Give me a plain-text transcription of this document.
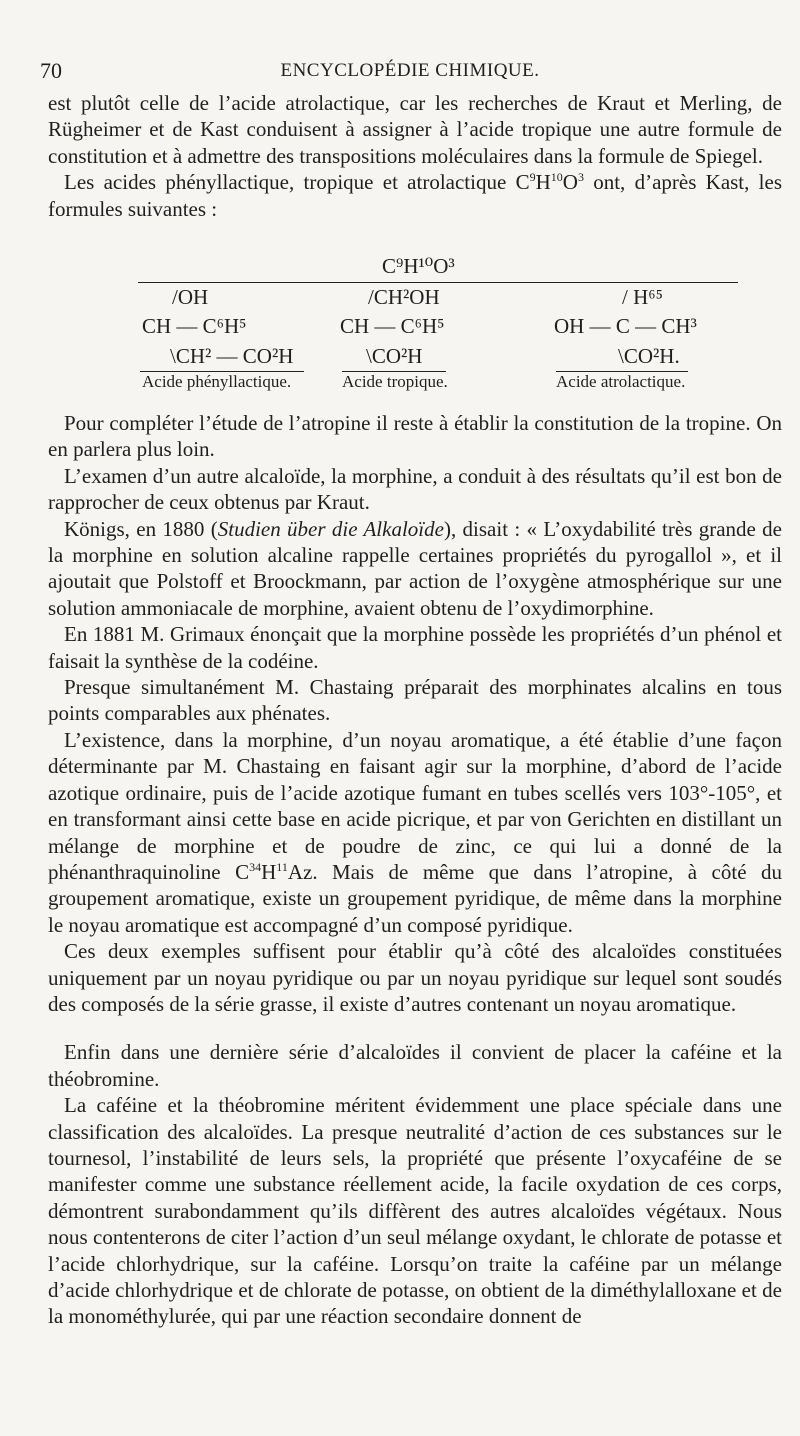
70	ENCYCLOPÉDIE CHIMIQUE.

est plutôt celle de l’acide atrolactique, car les recherches de Kraut et Merling, de Rügheimer et de Kast conduisent à assigner à l’acide tropique une autre formule de constitution et à admettre des transpositions moléculaires dans la formule de Spiegel.

Les acides phényllactique, tropique et atrolactique $C^9H^{10}O^3$ ont, d’après Kast, les formules suivantes :

C⁹H¹⁰O³
/OH
CH — C⁶H⁵
\CH² — CO²H
Acide phényllactique.
/CH²OH
CH — C⁶H⁵
\CO²H
Acide tropique.
/ H⁶⁵
OH — C — CH³
\CO²H.
Acide atrolactique.

Pour compléter l’étude de l’atropine il reste à établir la constitution de la tropine. On en parlera plus loin.

L’examen d’un autre alcaloïde, la morphine, a conduit à des résultats qu’il est bon de rapprocher de ceux obtenus par Kraut.

Königs, en 1880 (Studien über die Alkaloïde), disait : « L’oxydabilité très grande de la morphine en solution alcaline rappelle certaines propriétés du pyrogallol », et il ajoutait que Polstoff et Broockmann, par action de l’oxygène atmosphérique sur une solution ammoniacale de morphine, avaient obtenu de l’oxydimorphine.

En 1881 M. Grimaux énonçait que la morphine possède les propriétés d’un phénol et faisait la synthèse de la codéine.

Presque simultanément M. Chastaing préparait des morphinates alcalins en tous points comparables aux phénates.

L’existence, dans la morphine, d’un noyau aromatique, a été établie d’une façon déterminante par M. Chastaing en faisant agir sur la morphine, d’abord de l’acide azotique ordinaire, puis de l’acide azotique fumant en tubes scellés vers 103°-105°, et en transformant ainsi cette base en acide picrique, et par von Gerichten en distillant un mélange de morphine et de poudre de zinc, ce qui lui a donné de la phénanthraquinoline $C^{34}H^{11}Az$. Mais de même que dans l’atropine, à côté du groupement aromatique, existe un groupement pyridique, de même dans la morphine le noyau aromatique est accompagné d’un composé pyridique.

Ces deux exemples suffisent pour établir qu’à côté des alcaloïdes constituées uniquement par un noyau pyridique ou par un noyau pyridique sur lequel sont soudés des composés de la série grasse, il existe d’autres contenant un noyau aromatique.

Enfin dans une dernière série d’alcaloïdes il convient de placer la caféine et la théobromine.

La caféine et la théobromine méritent évidemment une place spéciale dans une classification des alcaloïdes. La presque neutralité d’action de ces substances sur le tournesol, l’instabilité de leurs sels, la propriété que présente l’oxycaféine de se manifester comme une substance réellement acide, la facile oxydation de ces corps, démontrent surabondamment qu’ils diffèrent des autres alcaloïdes végétaux. Nous nous contenterons de citer l’action d’un seul mélange oxydant, le chlorate de potasse et l’acide chlorhydrique, sur la caféine. Lorsqu’on traite la caféine par un mélange d’acide chlorhydrique et de chlorate de potasse, on obtient de la diméthylalloxane et de la monométhylurée, qui par une réaction secondaire donnent de
